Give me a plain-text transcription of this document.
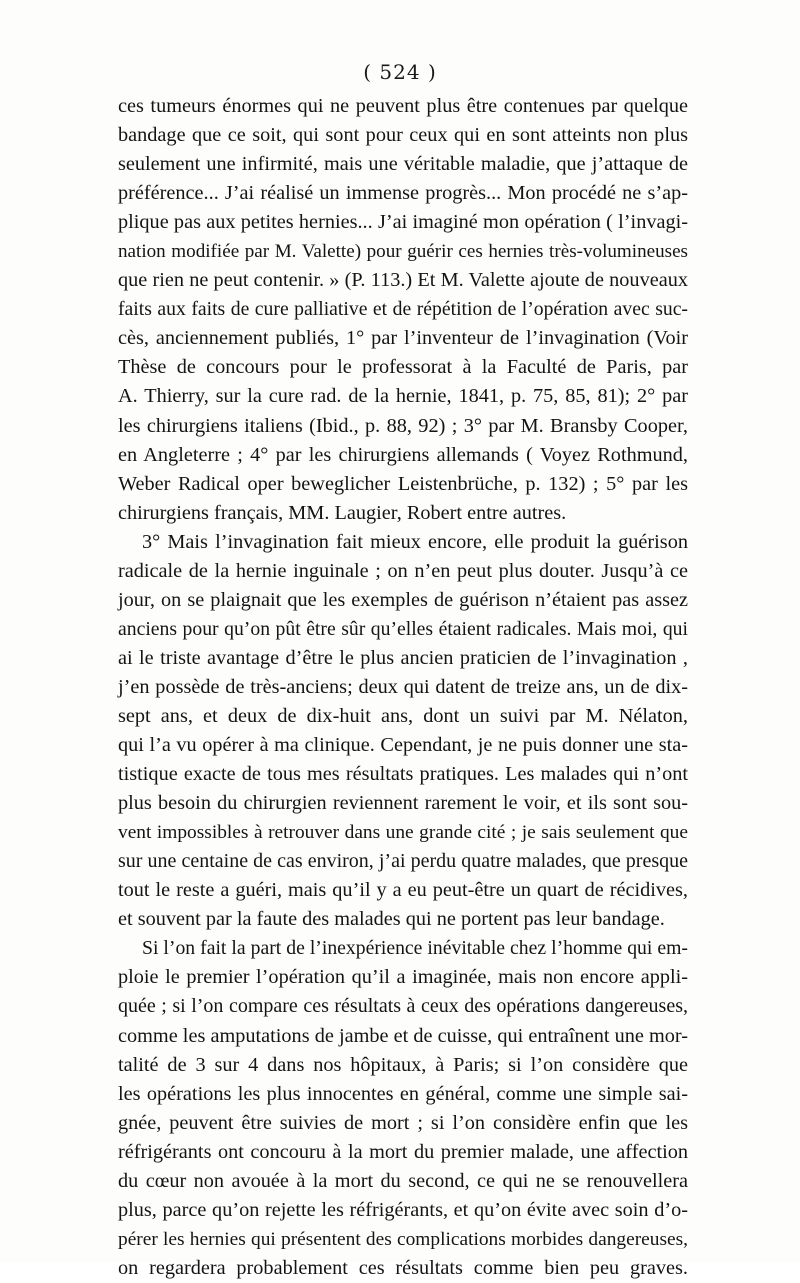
( 524 )
ces tumeurs énormes qui ne peuvent plus être contenues par quelque
bandage que ce soit, qui sont pour ceux qui en sont atteints non plus
seulement une infirmité, mais une véritable maladie, que j’attaque de
préférence... J’ai réalisé un immense progrès... Mon procédé ne s’ap-
plique pas aux petites hernies... J’ai imaginé mon opération ( l’invagi-
nation modifiée par M. Valette) pour guérir ces hernies très-volumineuses
que rien ne peut contenir. » (P. 113.) Et M. Valette ajoute de nouveaux
faits aux faits de cure palliative et de répétition de l’opération avec suc-
cès, anciennement publiés, 1° par l’inventeur de l’invagination (Voir
Thèse de concours pour le professorat à la Faculté de Paris, par
A. Thierry, sur la cure rad. de la hernie, 1841, p. 75, 85, 81); 2° par
les chirurgiens italiens (Ibid., p. 88, 92) ; 3° par M. Bransby Cooper,
en Angleterre ; 4° par les chirurgiens allemands ( Voyez Rothmund,
Weber Radical oper beweglicher Leistenbrüche, p. 132) ; 5° par les
chirurgiens français, MM. Laugier, Robert entre autres.
3° Mais l’invagination fait mieux encore, elle produit la guérison
radicale de la hernie inguinale ; on n’en peut plus douter. Jusqu’à ce
jour, on se plaignait que les exemples de guérison n’étaient pas assez
anciens pour qu’on pût être sûr qu’elles étaient radicales. Mais moi, qui
ai le triste avantage d’être le plus ancien praticien de l’invagination ,
j’en possède de très-anciens; deux qui datent de treize ans, un de dix-
sept ans, et deux de dix-huit ans, dont un suivi par M. Nélaton,
qui l’a vu opérer à ma clinique. Cependant, je ne puis donner une sta-
tistique exacte de tous mes résultats pratiques. Les malades qui n’ont
plus besoin du chirurgien reviennent rarement le voir, et ils sont sou-
vent impossibles à retrouver dans une grande cité ; je sais seulement que
sur une centaine de cas environ, j’ai perdu quatre malades, que presque
tout le reste a guéri, mais qu’il y a eu peut-être un quart de récidives,
et souvent par la faute des malades qui ne portent pas leur bandage.
Si l’on fait la part de l’inexpérience inévitable chez l’homme qui em-
ploie le premier l’opération qu’il a imaginée, mais non encore appli-
quée ; si l’on compare ces résultats à ceux des opérations dangereuses,
comme les amputations de jambe et de cuisse, qui entraînent une mor-
talité de 3 sur 4 dans nos hôpitaux, à Paris; si l’on considère que
les opérations les plus innocentes en général, comme une simple sai-
gnée, peuvent être suivies de mort ; si l’on considère enfin que les
réfrigérants ont concouru à la mort du premier malade, une affection
du cœur non avouée à la mort du second, ce qui ne se renouvellera
plus, parce qu’on rejette les réfrigérants, et qu’on évite avec soin d’o-
pérer les hernies qui présentent des complications morbides dangereuses,
on regardera probablement ces résultats comme bien peu graves.
